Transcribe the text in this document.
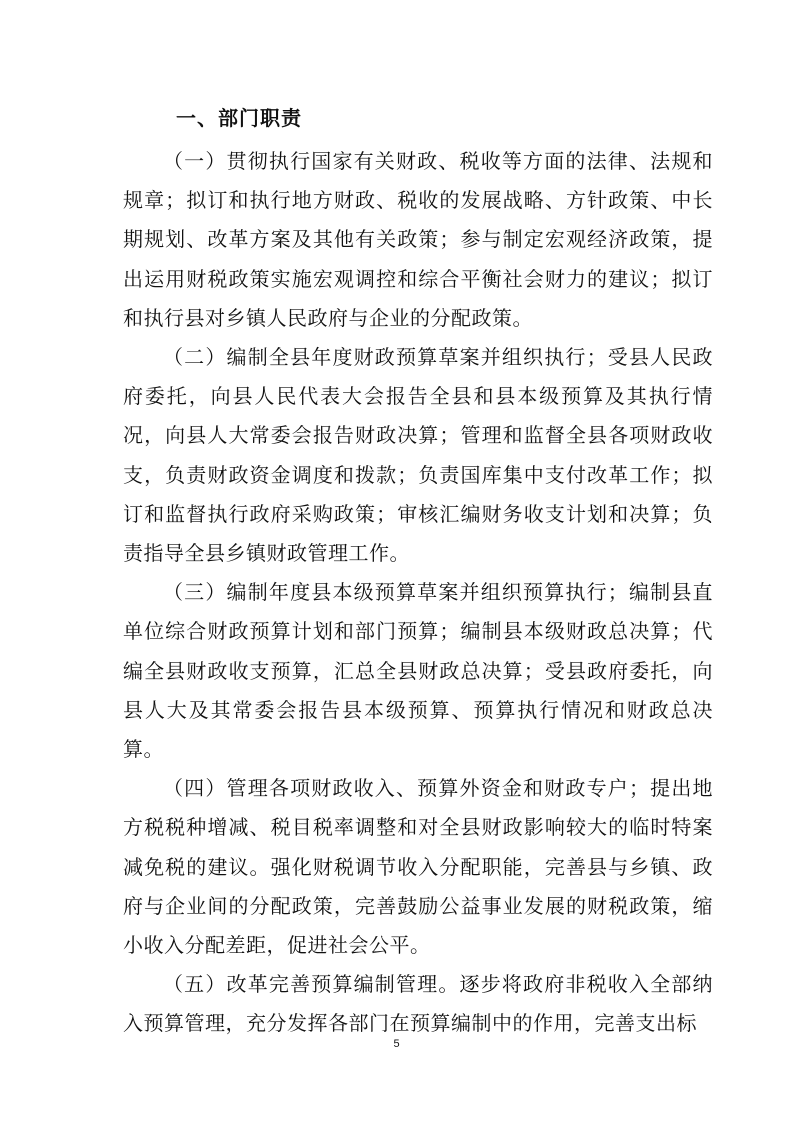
一、部门职责

（一）贯彻执行国家有关财政、税收等方面的法律、法规和规章；拟订和执行地方财政、税收的发展战略、方针政策、中长期规划、改革方案及其他有关政策；参与制定宏观经济政策，提出运用财税政策实施宏观调控和综合平衡社会财力的建议；拟订和执行县对乡镇人民政府与企业的分配政策。

（二）编制全县年度财政预算草案并组织执行；受县人民政府委托，向县人民代表大会报告全县和县本级预算及其执行情况，向县人大常委会报告财政决算；管理和监督全县各项财政收支，负责财政资金调度和拨款；负责国库集中支付改革工作；拟订和监督执行政府采购政策；审核汇编财务收支计划和决算；负责指导全县乡镇财政管理工作。

（三）编制年度县本级预算草案并组织预算执行；编制县直单位综合财政预算计划和部门预算；编制县本级财政总决算；代编全县财政收支预算，汇总全县财政总决算；受县政府委托，向县人大及其常委会报告县本级预算、预算执行情况和财政总决算。

（四）管理各项财政收入、预算外资金和财政专户；提出地方税税种增减、税目税率调整和对全县财政影响较大的临时特案减免税的建议。强化财税调节收入分配职能，完善县与乡镇、政府与企业间的分配政策，完善鼓励公益事业发展的财税政策，缩小收入分配差距，促进社会公平。

（五）改革完善预算编制管理。逐步将政府非税收入全部纳入预算管理，充分发挥各部门在预算编制中的作用，完善支出标

5
